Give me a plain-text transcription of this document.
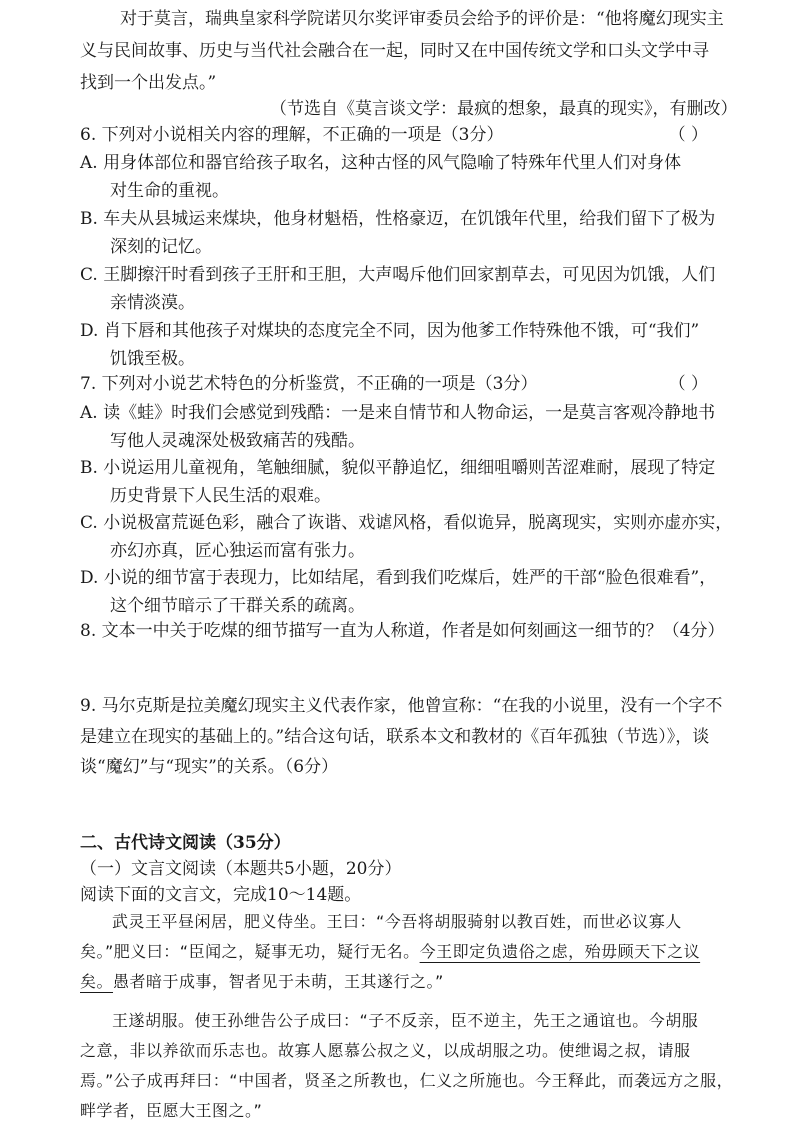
对于莫言，瑞典皇家科学院诺贝尔奖评审委员会给予的评价是：“他将魔幻现实主
义与民间故事、历史与当代社会融合在一起，同时又在中国传统文学和口头文学中寻
找到一个出发点。”
（节选自《莫言谈文学：最疯的想象，最真的现实》，有删改）
6. 下列对小说相关内容的理解，不正确的一项是（3分）	（ ）
A. 用身体部位和器官给孩子取名，这种古怪的风气隐喻了特殊年代里人们对身体
对生命的重视。
B. 车夫从县城运来煤块，他身材魁梧，性格豪迈，在饥饿年代里，给我们留下了极为
深刻的记忆。
C. 王脚擦汗时看到孩子王肝和王胆，大声喝斥他们回家割草去，可见因为饥饿，人们
亲情淡漠。
D. 肖下唇和其他孩子对煤块的态度完全不同，因为他爹工作特殊他不饿，可“我们”
饥饿至极。
7. 下列对小说艺术特色的分析鉴赏，不正确的一项是（3分）	（ ）
A. 读《蛙》时我们会感觉到残酷：一是来自情节和人物命运，一是莫言客观冷静地书
写他人灵魂深处极致痛苦的残酷。
B. 小说运用儿童视角，笔触细腻，貌似平静追忆，细细咀嚼则苦涩难耐，展现了特定
历史背景下人民生活的艰难。
C. 小说极富荒诞色彩，融合了诙谐、戏谑风格，看似诡异，脱离现实，实则亦虚亦实，
亦幻亦真，匠心独运而富有张力。
D. 小说的细节富于表现力，比如结尾，看到我们吃煤后，姓严的干部“脸色很难看”，
这个细节暗示了干群关系的疏离。
8. 文本一中关于吃煤的细节描写一直为人称道，作者是如何刻画这一细节的？（4分）
9. 马尔克斯是拉美魔幻现实主义代表作家，他曾宣称：“在我的小说里，没有一个字不
是建立在现实的基础上的。”结合这句话，联系本文和教材的《百年孤独（节选）》，谈
谈“魔幻”与“现实”的关系。（6分）
二、古代诗文阅读（35分）
（一）文言文阅读（本题共5小题，20分）
阅读下面的文言文，完成10～14题。
武灵王平昼闲居，肥义侍坐。王曰：“今吾将胡服骑射以教百姓，而世必议寡人
矣。”肥义曰：“臣闻之，疑事无功，疑行无名。今王即定负遗俗之虑，殆毋顾天下之议
矣。愚者暗于成事，智者见于未萌，王其遂行之。”
王遂胡服。使王孙绁告公子成曰：“子不反亲，臣不逆主，先王之通谊也。今胡服
之意，非以养欲而乐志也。故寡人愿慕公叔之义，以成胡服之功。使绁谒之叔，请服
焉。”公子成再拜曰：“中国者，贤圣之所教也，仁义之所施也。今王释此，而袭远方之服，
畔学者，臣愿大王图之。”
